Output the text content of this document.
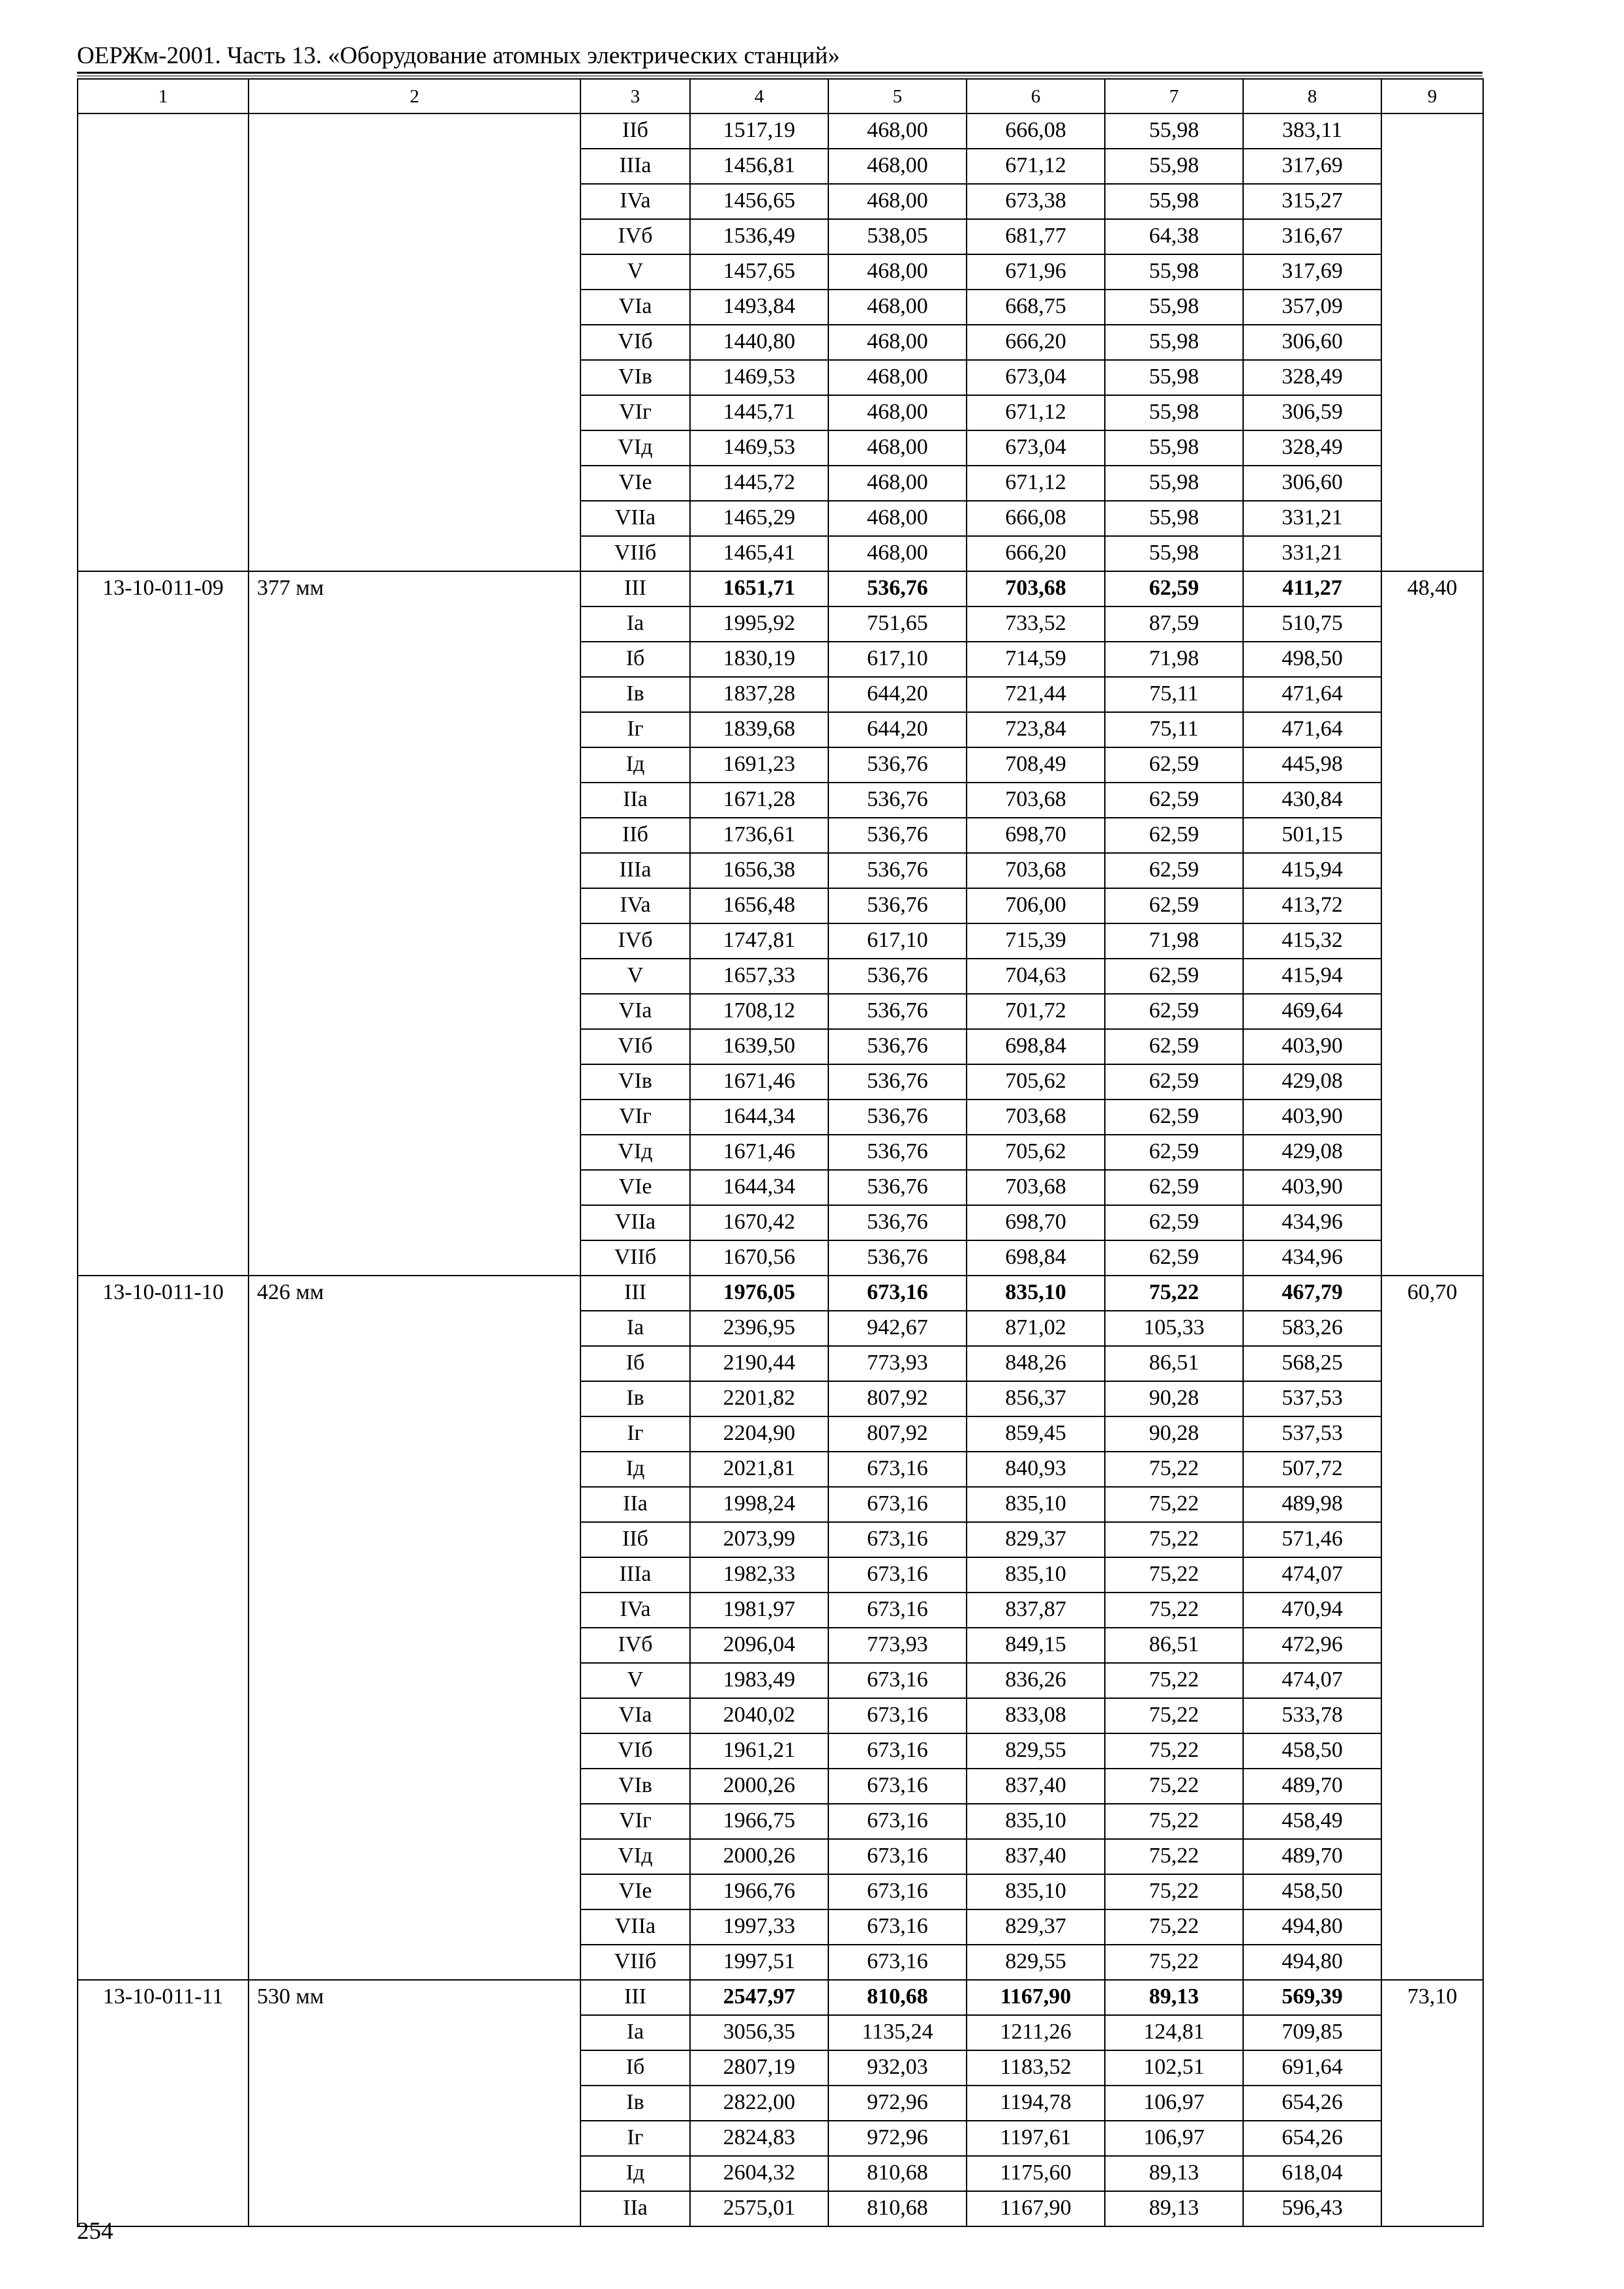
ОЕРЖм-2001. Часть 13. «Оборудование атомных электрических станций»
1	2	3	4	5	6	7	8	9
		IIб	1517,19	468,00	666,08	55,98	383,11	
		IIIa	1456,81	468,00	671,12	55,98	317,69	
		IVa	1456,65	468,00	673,38	55,98	315,27	
		IVб	1536,49	538,05	681,77	64,38	316,67	
		V	1457,65	468,00	671,96	55,98	317,69	
		VIa	1493,84	468,00	668,75	55,98	357,09	
		VIб	1440,80	468,00	666,20	55,98	306,60	
		VIв	1469,53	468,00	673,04	55,98	328,49	
		VIг	1445,71	468,00	671,12	55,98	306,59	
		VIд	1469,53	468,00	673,04	55,98	328,49	
		VIe	1445,72	468,00	671,12	55,98	306,60	
		VIIa	1465,29	468,00	666,08	55,98	331,21	
		VIIб	1465,41	468,00	666,20	55,98	331,21	
13-10-011-09	377 мм	III	1651,71	536,76	703,68	62,59	411,27	48,40
		Ia	1995,92	751,65	733,52	87,59	510,75	
		Iб	1830,19	617,10	714,59	71,98	498,50	
		Iв	1837,28	644,20	721,44	75,11	471,64	
		Iг	1839,68	644,20	723,84	75,11	471,64	
		Iд	1691,23	536,76	708,49	62,59	445,98	
		IIa	1671,28	536,76	703,68	62,59	430,84	
		IIб	1736,61	536,76	698,70	62,59	501,15	
		IIIa	1656,38	536,76	703,68	62,59	415,94	
		IVa	1656,48	536,76	706,00	62,59	413,72	
		IVб	1747,81	617,10	715,39	71,98	415,32	
		V	1657,33	536,76	704,63	62,59	415,94	
		VIa	1708,12	536,76	701,72	62,59	469,64	
		VIб	1639,50	536,76	698,84	62,59	403,90	
		VIв	1671,46	536,76	705,62	62,59	429,08	
		VIг	1644,34	536,76	703,68	62,59	403,90	
		VIд	1671,46	536,76	705,62	62,59	429,08	
		VIe	1644,34	536,76	703,68	62,59	403,90	
		VIIa	1670,42	536,76	698,70	62,59	434,96	
		VIIб	1670,56	536,76	698,84	62,59	434,96	
13-10-011-10	426 мм	III	1976,05	673,16	835,10	75,22	467,79	60,70
		Ia	2396,95	942,67	871,02	105,33	583,26	
		Iб	2190,44	773,93	848,26	86,51	568,25	
		Iв	2201,82	807,92	856,37	90,28	537,53	
		Iг	2204,90	807,92	859,45	90,28	537,53	
		Iд	2021,81	673,16	840,93	75,22	507,72	
		IIa	1998,24	673,16	835,10	75,22	489,98	
		IIб	2073,99	673,16	829,37	75,22	571,46	
		IIIa	1982,33	673,16	835,10	75,22	474,07	
		IVa	1981,97	673,16	837,87	75,22	470,94	
		IVб	2096,04	773,93	849,15	86,51	472,96	
		V	1983,49	673,16	836,26	75,22	474,07	
		VIa	2040,02	673,16	833,08	75,22	533,78	
		VIб	1961,21	673,16	829,55	75,22	458,50	
		VIв	2000,26	673,16	837,40	75,22	489,70	
		VIг	1966,75	673,16	835,10	75,22	458,49	
		VIд	2000,26	673,16	837,40	75,22	489,70	
		VIe	1966,76	673,16	835,10	75,22	458,50	
		VIIa	1997,33	673,16	829,37	75,22	494,80	
		VIIб	1997,51	673,16	829,55	75,22	494,80	
13-10-011-11	530 мм	III	2547,97	810,68	1167,90	89,13	569,39	73,10
		Ia	3056,35	1135,24	1211,26	124,81	709,85	
		Iб	2807,19	932,03	1183,52	102,51	691,64	
		Iв	2822,00	972,96	1194,78	106,97	654,26	
		Iг	2824,83	972,96	1197,61	106,97	654,26	
		Iд	2604,32	810,68	1175,60	89,13	618,04	
		IIa	2575,01	810,68	1167,90	89,13	596,43	
254
